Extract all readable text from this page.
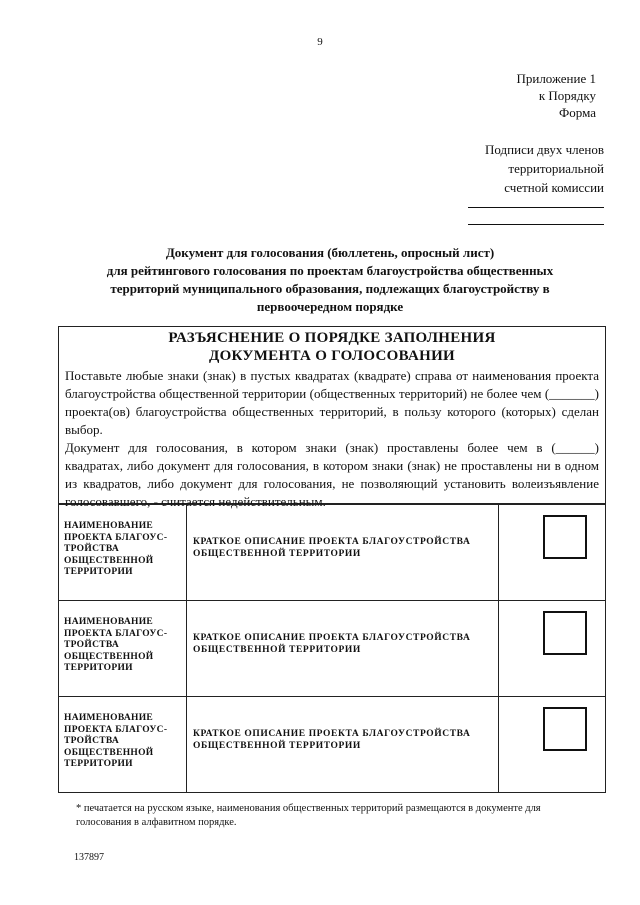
9
Приложение 1
к Порядку
Форма
Подписи двух членов
территориальной
счетной комиссии
Документ для голосования (бюллетень, опросный лист)
для рейтингового голосования по проектам благоустройства общественных
территорий муниципального образования, подлежащих благоустройству в
первоочередном порядке
РАЗЪЯСНЕНИЕ О ПОРЯДКЕ ЗАПОЛНЕНИЯ
ДОКУМЕНТА О ГОЛОСОВАНИИ

Поставьте любые знаки (знак) в пустых квадратах (квадрате) справа от наименования проекта благоустройства общественной территории (общественных территорий) не более чем (_______) проекта(ов) благоустройства общественных территорий, в пользу которого (которых) сделан выбор.

Документ для голосования, в котором знаки (знак) проставлены более чем в (______) квадратах, либо документ для голосования, в котором знаки (знак) не проставлены ни в одном из квадратов, либо документ для голосования, не позволяющий установить волеизъявление голосовавшего, - считается недействительным.

НАИМЕНОВАНИЕ ПРОЕКТА БЛАГОУС-ТРОЙСТВА ОБЩЕСТВЕННОЙ ТЕРРИТОРИИ
КРАТКОЕ ОПИСАНИЕ ПРОЕКТА БЛАГОУСТРОЙСТВА ОБЩЕСТВЕННОЙ ТЕРРИТОРИИ
НАИМЕНОВАНИЕ ПРОЕКТА БЛАГОУС-ТРОЙСТВА ОБЩЕСТВЕННОЙ ТЕРРИТОРИИ
КРАТКОЕ ОПИСАНИЕ ПРОЕКТА БЛАГОУСТРОЙСТВА ОБЩЕСТВЕННОЙ ТЕРРИТОРИИ
НАИМЕНОВАНИЕ ПРОЕКТА БЛАГОУС-ТРОЙСТВА ОБЩЕСТВЕННОЙ ТЕРРИТОРИИ
КРАТКОЕ ОПИСАНИЕ ПРОЕКТА БЛАГОУСТРОЙСТВА ОБЩЕСТВЕННОЙ ТЕРРИТОРИИ
* печатается на русском языке, наименования общественных территорий размещаются в документе для голосования в алфавитном порядке.
137897
